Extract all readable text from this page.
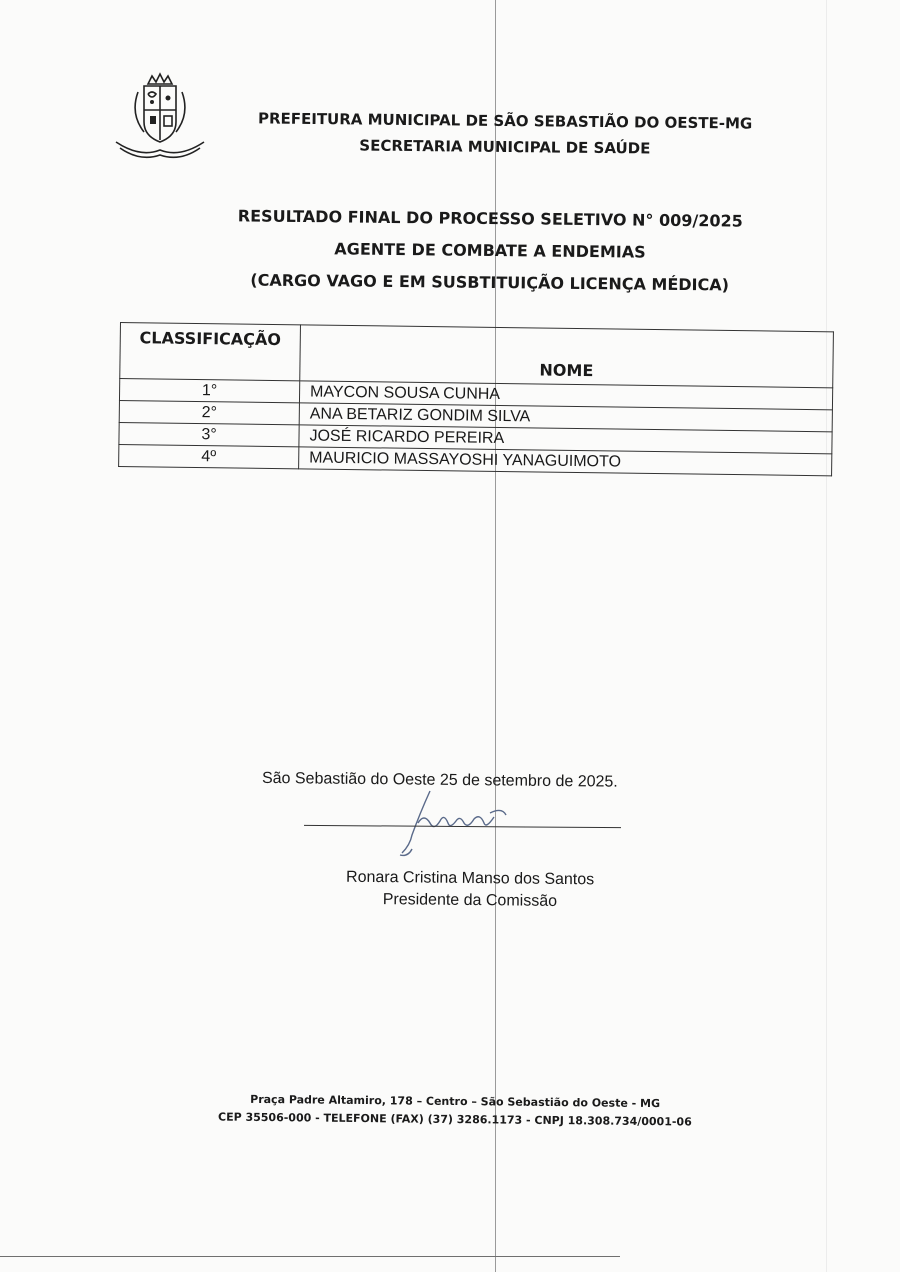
PREFEITURA MUNICIPAL DE SÃO SEBASTIÃO DO OESTE-MG
SECRETARIA MUNICIPAL DE SAÚDE
RESULTADO FINAL DO PROCESSO SELETIVO N° 009/2025
AGENTE DE COMBATE A ENDEMIAS
(CARGO VAGO E EM SUSBTITUIÇÃO LICENÇA MÉDICA)
CLASSIFICAÇÃO	NOME
1°	MAYCON SOUSA CUNHA
2°	ANA BETARIZ GONDIM SILVA
3°	JOSÉ RICARDO PEREIRA
4º	MAURICIO MASSAYOSHI YANAGUIMOTO
São Sebastião do Oeste 25 de setembro de 2025.
Ronara Cristina Manso dos Santos
Presidente da Comissão
Praça Padre Altamiro, 178 – Centro – São Sebastião do Oeste - MG
CEP 35506-000 - TELEFONE (FAX) (37) 3286.1173 - CNPJ 18.308.734/0001-06
